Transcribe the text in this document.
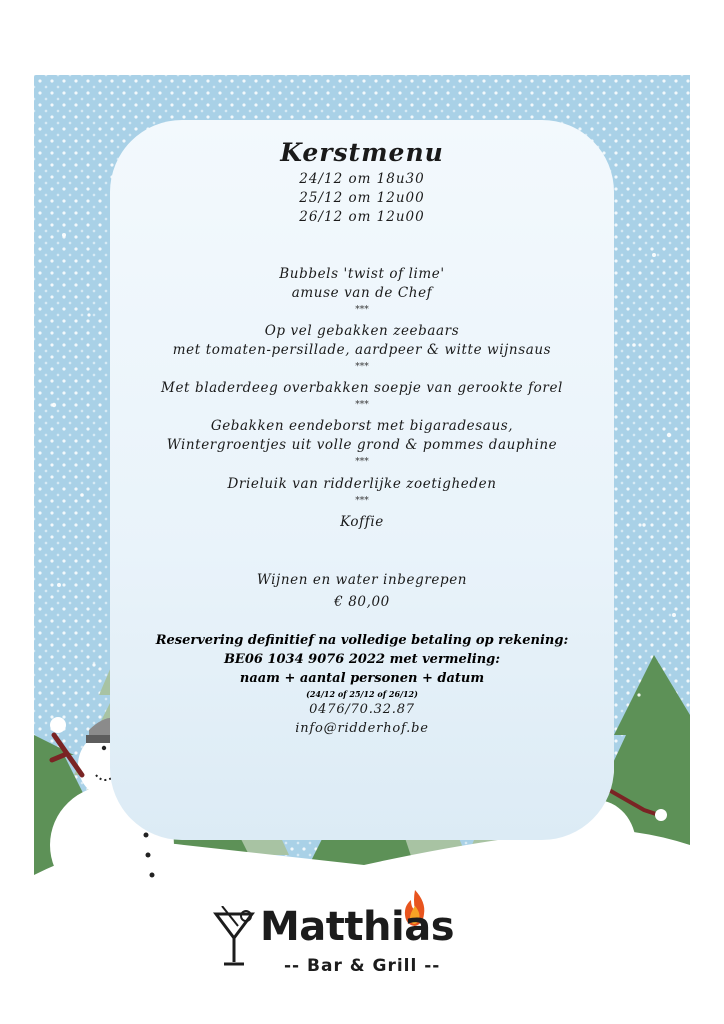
Kerstmenu
24/12 om 18u30
25/12 om 12u00
26/12 om 12u00
Bubbels 'twist of lime'
amuse van de Chef
***
Op vel gebakken zeebaars
met tomaten-persillade, aardpeer & witte wijnsaus
***
Met bladerdeeg overbakken soepje van gerookte forel
***
Gebakken eendeborst met bigaradesaus,
Wintergroentjes uit volle grond & pommes dauphine
***
Drieluik van ridderlijke zoetigheden
***
Koffie
Wijnen en water inbegrepen
€ 80,00
Reservering definitief na volledige betaling op rekening:
BE06 1034 9076 2022 met vermeling:
naam + aantal personen + datum
(24/12 of 25/12 of 26/12)
0476/70.32.87
info@ridderhof.be
Matthias
-- Bar & Grill --
